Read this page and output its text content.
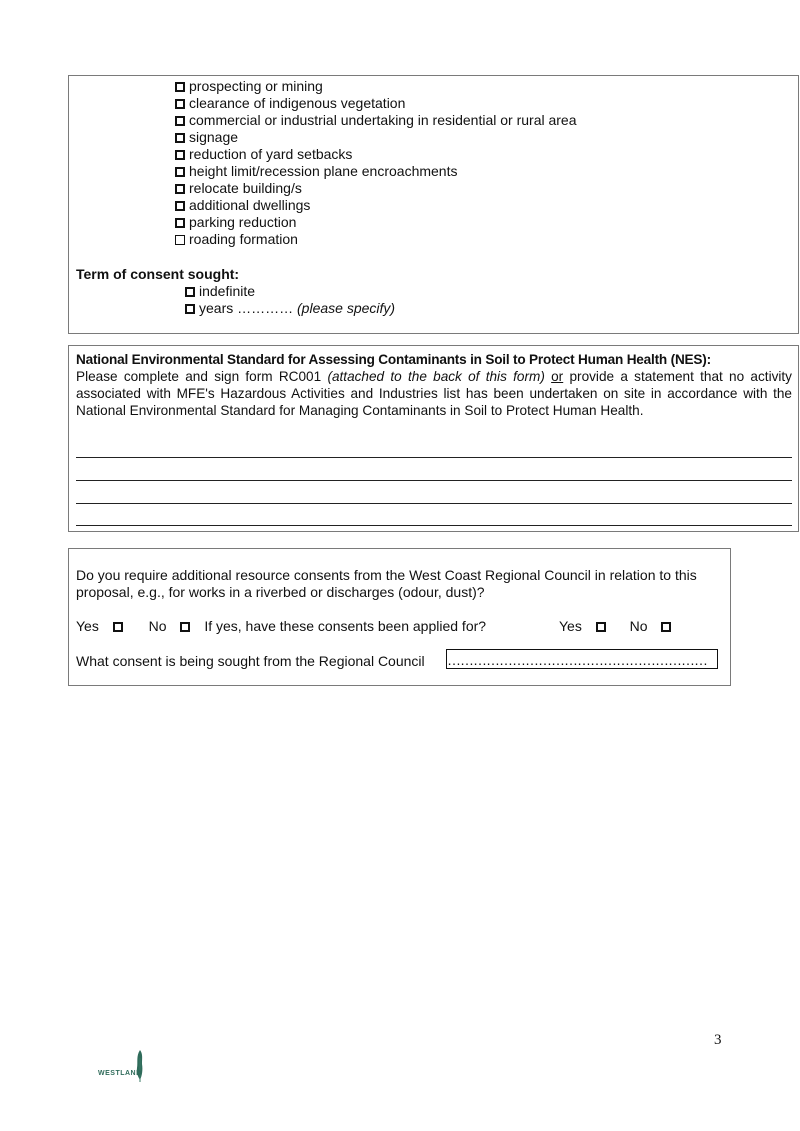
prospecting or mining
clearance of indigenous vegetation
commercial or industrial undertaking in residential or rural area
signage
reduction of yard setbacks
height limit/recession plane encroachments
relocate building/s
additional dwellings
parking reduction
roading formation
Term of consent sought:
indefinite
years ………… (please specify)
National Environmental Standard for Assessing Contaminants in Soil to Protect Human Health (NES):
Please complete and sign form RC001 (attached to the back of this form) or provide a statement that no activity associated with MFE's Hazardous Activities and Industries list has been undertaken on site in accordance with the National Environmental Standard for Managing Contaminants in Soil to Protect Human Health.
Do you require additional resource consents from the West Coast Regional Council in relation to this proposal, e.g., for works in a riverbed or discharges (odour, dust)?
Yes	No	If yes, have these consents been applied for?	Yes	No
What consent is being sought from the Regional Council ……………………………………………………
3
WESTLAND
